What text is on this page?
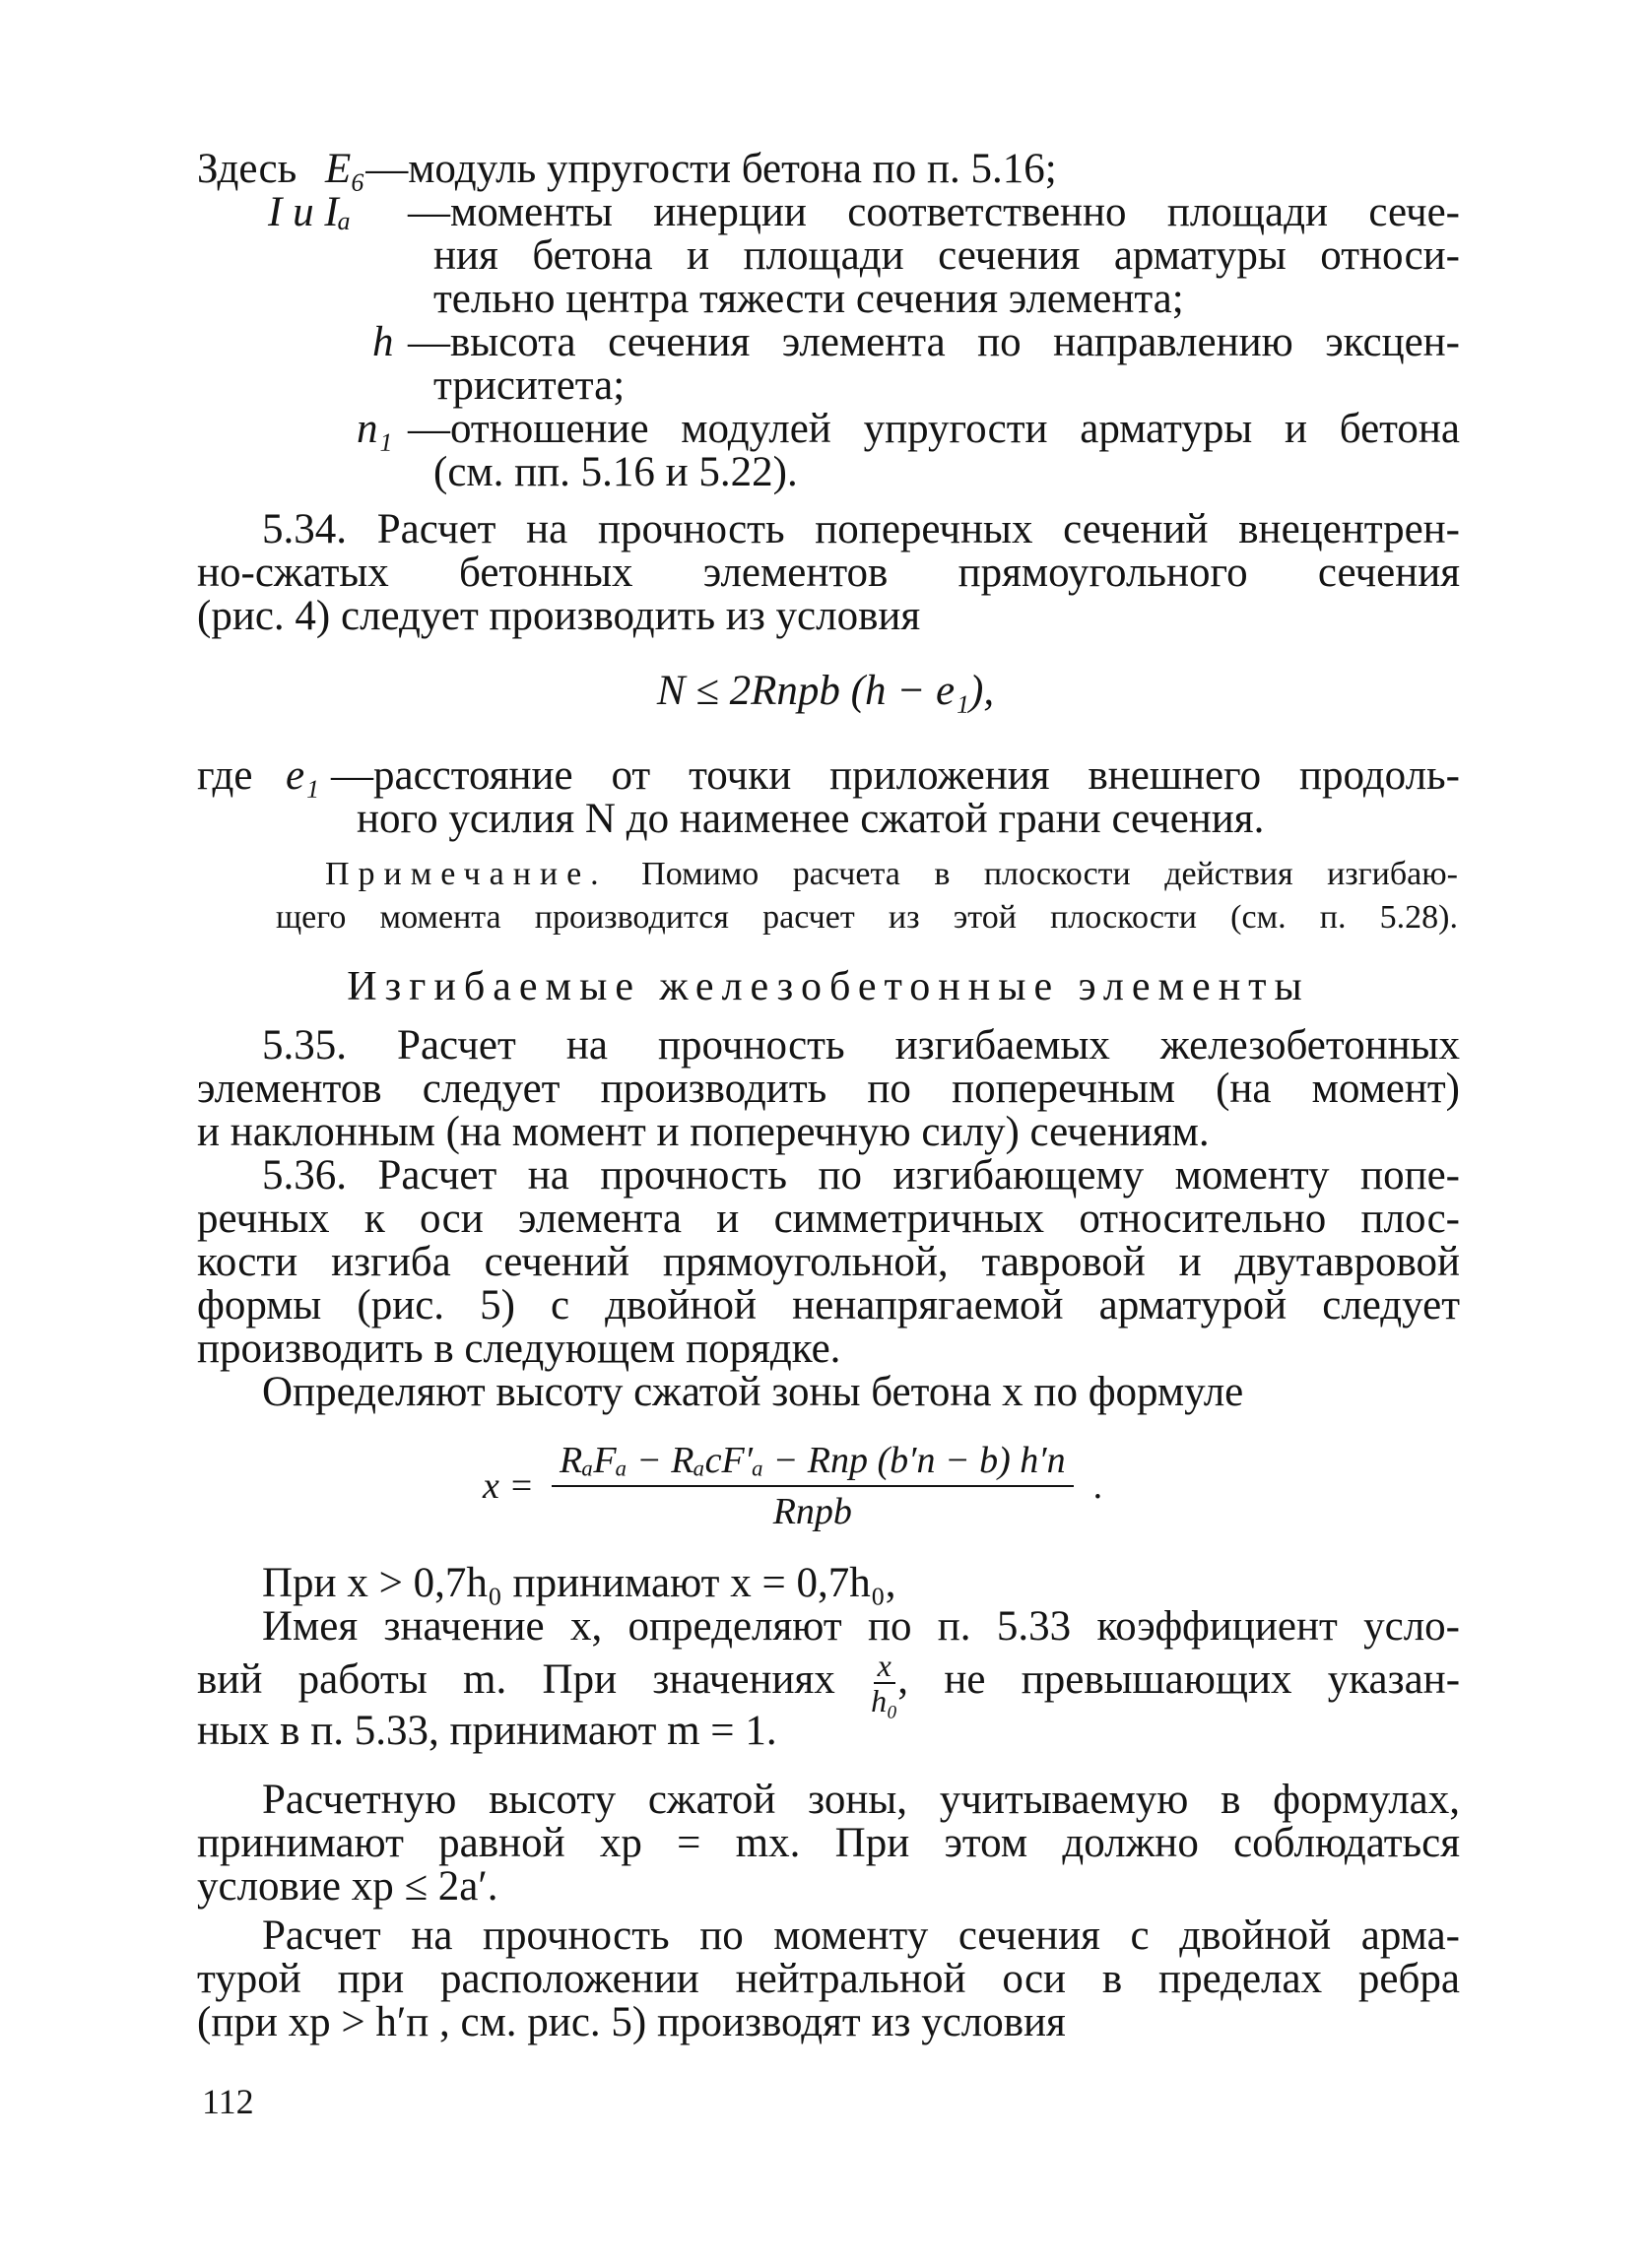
Здесь E₆ —модуль упругости бетона по п. 5.16;
I и Iₐ	—моменты инерции соответственно площади сече-
ния бетона и площади сечения арматуры относи-
тельно центра тяжести сечения элемента;
h —высота сечения элемента по направлению эксцен-
триситета;
n₁ —отношение модулей упругости арматуры и бетона
(см. пп. 5.16 и 5.22).
5.34. Расчет на прочность поперечных сечений внецентрен-
но-сжатых бетонных элементов прямоугольного сечения
(рис. 4) следует производить из условия
N ≤ 2Rпрb (h − e₁),
где e₁ —расстояние от точки приложения внешнего продоль-
ного усилия N до наименее сжатой грани сечения.
Примечание. Помимо расчета в плоскости действия изгибаю-
щего момента производится расчет из этой плоскости (см. п. 5.28).
Изгибаемые железобетонные элементы
5.35. Расчет на прочность изгибаемых железобетонных
элементов следует производить по поперечным (на момент)
и наклонным (на момент и поперечную силу) сечениям.
5.36. Расчет на прочность по изгибающему моменту попе-
речных к оси элемента и симметричных относительно плос-
кости изгиба сечений прямоугольной, тавровой и двутавровой
формы (рис. 5) с двойной ненапрягаемой арматурой следует
производить в следующем порядке.
Определяют высоту сжатой зоны бетона x по формуле
$x = \frac{\text{RₐFₐ − RₐcF′ₐ − Rпр (b′п − b) h′п}}{\text{Rпрb}}$ .
При x > 0,7h₀ принимают x = 0,7h₀,
Имея значение x, определяют по п. 5.33 коэффициент усло-
вий работы m. При значениях $\frac{x}{\text{h₀}}$ , не превышающих указан-
ных в п. 5.33, принимают m = 1.
Расчетную высоту сжатой зоны, учитываемую в формулах,
принимают равной xр = mx. При этом должно соблюдаться
условие xр ≤ 2a′.
Расчет на прочность по моменту сечения с двойной арма-
турой при расположении нейтральной оси в пределах ребра
(при xр > h′п , см. рис. 5) производят из условия
112
